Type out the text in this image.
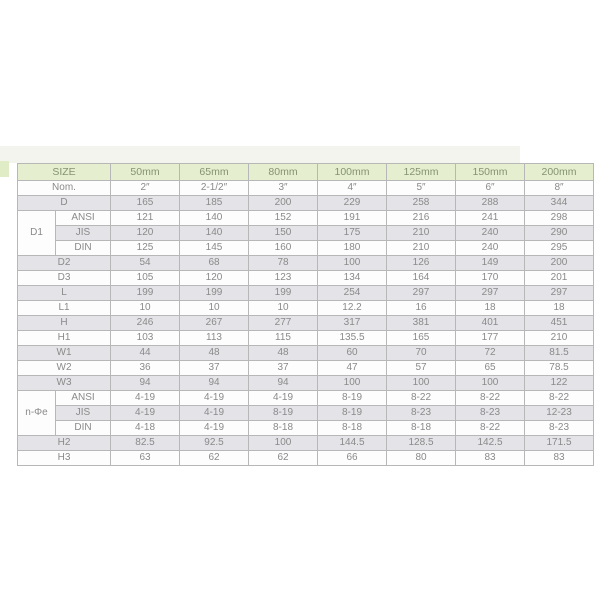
SIZE		50mm	65mm	80mm	100mm	125mm	150mm	200mm
Nom.		2″	2-1/2″	3″	4″	5″	6″	8″
D		165	185	200	229	258	288	344
D1	ANSI	121	140	152	191	216	241	298
	JIS	120	140	150	175	210	240	290
	DIN	125	145	160	180	210	240	295
D2		54	68	78	100	126	149	200
D3		105	120	123	134	164	170	201
L		199	199	199	254	297	297	297
L1		10	10	10	12.2	16	18	18
H		246	267	277	317	381	401	451
H1		103	113	115	135.5	165	177	210
W1		44	48	48	60	70	72	81.5
W2		36	37	37	47	57	65	78.5
W3		94	94	94	100	100	100	122
n-Φe	ANSI	4-19	4-19	4-19	8-19	8-22	8-22	8-22
	JIS	4-19	4-19	8-19	8-19	8-23	8-23	12-23
	DIN	4-18	4-19	8-18	8-18	8-18	8-22	8-23
H2		82.5	92.5	100	144.5	128.5	142.5	171.5
H3		63	62	62	66	80	83	83
